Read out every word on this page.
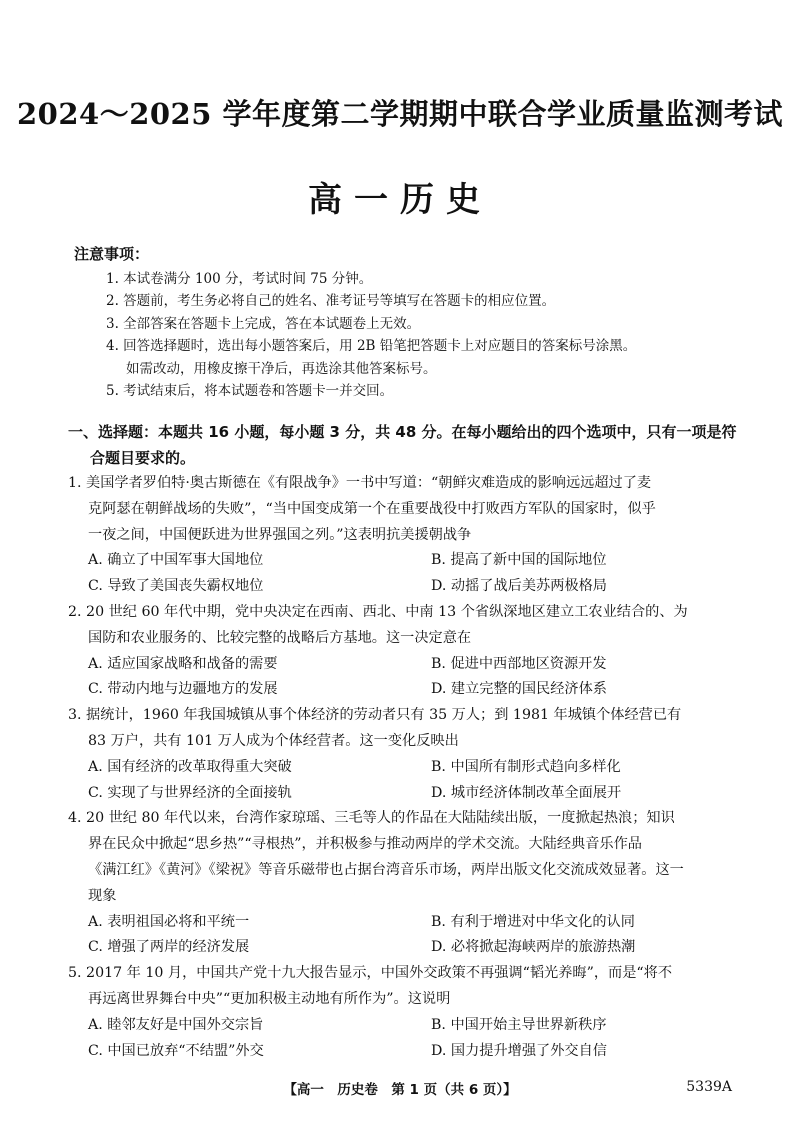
2024～2025 学年度第二学期期中联合学业质量监测考试
高一历史
注意事项：
1. 本试卷满分 100 分，考试时间 75 分钟。
2. 答题前，考生务必将自己的姓名、准考证号等填写在答题卡的相应位置。
3. 全部答案在答题卡上完成，答在本试题卷上无效。
4. 回答选择题时，选出每小题答案后，用 2B 铅笔把答题卡上对应题目的答案标号涂黑。
如需改动，用橡皮擦干净后，再选涂其他答案标号。
5. 考试结束后，将本试题卷和答题卡一并交回。
一、选择题：本题共 16 小题，每小题 3 分，共 48 分。在每小题给出的四个选项中，只有一项是符
合题目要求的。
1. 美国学者罗伯特·奥古斯德在《有限战争》一书中写道：“朝鲜灾难造成的影响远远超过了麦
克阿瑟在朝鲜战场的失败”，“当中国变成第一个在重要战役中打败西方军队的国家时，似乎
一夜之间，中国便跃进为世界强国之列。”这表明抗美援朝战争
A. 确立了中国军事大国地位	B. 提高了新中国的国际地位
C. 导致了美国丧失霸权地位	D. 动摇了战后美苏两极格局
2. 20 世纪 60 年代中期，党中央决定在西南、西北、中南 13 个省纵深地区建立工农业结合的、为
国防和农业服务的、比较完整的战略后方基地。这一决定意在
A. 适应国家战略和战备的需要	B. 促进中西部地区资源开发
C. 带动内地与边疆地方的发展	D. 建立完整的国民经济体系
3. 据统计，1960 年我国城镇从事个体经济的劳动者只有 35 万人；到 1981 年城镇个体经营已有
83 万户，共有 101 万人成为个体经营者。这一变化反映出
A. 国有经济的改革取得重大突破	B. 中国所有制形式趋向多样化
C. 实现了与世界经济的全面接轨	D. 城市经济体制改革全面展开
4. 20 世纪 80 年代以来，台湾作家琼瑶、三毛等人的作品在大陆陆续出版，一度掀起热浪；知识
界在民众中掀起“思乡热”“寻根热”，并积极参与推动两岸的学术交流。大陆经典音乐作品
《满江红》《黄河》《梁祝》等音乐磁带也占据台湾音乐市场，两岸出版文化交流成效显著。这一
现象
A. 表明祖国必将和平统一	B. 有利于增进对中华文化的认同
C. 增强了两岸的经济发展	D. 必将掀起海峡两岸的旅游热潮
5. 2017 年 10 月，中国共产党十九大报告显示，中国外交政策不再强调“韬光养晦”，而是“将不
再远离世界舞台中央”“更加积极主动地有所作为”。这说明
A. 睦邻友好是中国外交宗旨	B. 中国开始主导世界新秩序
C. 中国已放弃“不结盟”外交	D. 国力提升增强了外交自信
【高一　历史卷　第 1 页（共 6 页）】	5339A
